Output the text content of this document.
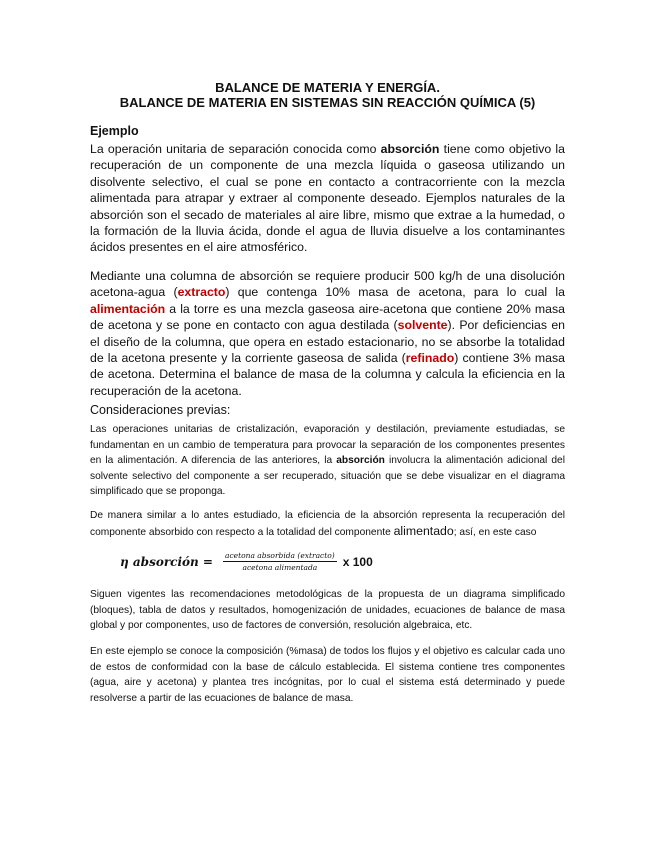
BALANCE DE MATERIA Y ENERGÍA.
BALANCE DE MATERIA EN SISTEMAS SIN REACCIÓN QUÍMICA (5)
Ejemplo
La operación unitaria de separación conocida como absorción tiene como objetivo la recuperación de un componente de una mezcla líquida o gaseosa utilizando un disolvente selectivo, el cual se pone en contacto a contracorriente con la mezcla alimentada para atrapar y extraer al componente deseado. Ejemplos naturales de la absorción son el secado de materiales al aire libre, mismo que extrae a la humedad, o la formación de la lluvia ácida, donde el agua de lluvia disuelve a los contaminantes ácidos presentes en el aire atmosférico.
Mediante una columna de absorción se requiere producir 500 kg/h de una disolución acetona-agua (extracto) que contenga 10% masa de acetona, para lo cual la alimentación a la torre es una mezcla gaseosa aire-acetona que contiene 20% masa de acetona y se pone en contacto con agua destilada (solvente). Por deficiencias en el diseño de la columna, que opera en estado estacionario, no se absorbe la totalidad de la acetona presente y la corriente gaseosa de salida (refinado) contiene 3% masa de acetona. Determina el balance de masa de la columna y calcula la eficiencia en la recuperación de la acetona.
Consideraciones previas:
Las operaciones unitarias de cristalización, evaporación y destilación, previamente estudiadas, se fundamentan en un cambio de temperatura para provocar la separación de los componentes presentes en la alimentación. A diferencia de las anteriores, la absorción involucra la alimentación adicional del solvente selectivo del componente a ser recuperado, situación que se debe visualizar en el diagrama simplificado que se proponga.
De manera similar a lo antes estudiado, la eficiencia de la absorción representa la recuperación del componente absorbido con respecto a la totalidad del componente alimentado; así, en este caso
η absorción = $\frac{\text{acetona absorbida (extracto)}}{\text{acetona alimentada}}$ x 100
Siguen vigentes las recomendaciones metodológicas de la propuesta de un diagrama simplificado (bloques), tabla de datos y resultados, homogenización de unidades, ecuaciones de balance de masa global y por componentes, uso de factores de conversión, resolución algebraica, etc.
En este ejemplo se conoce la composición (%masa) de todos los flujos y el objetivo es calcular cada uno de estos de conformidad con la base de cálculo establecida. El sistema contiene tres componentes (agua, aire y acetona) y plantea tres incógnitas, por lo cual el sistema está determinado y puede resolverse a partir de las ecuaciones de balance de masa.
